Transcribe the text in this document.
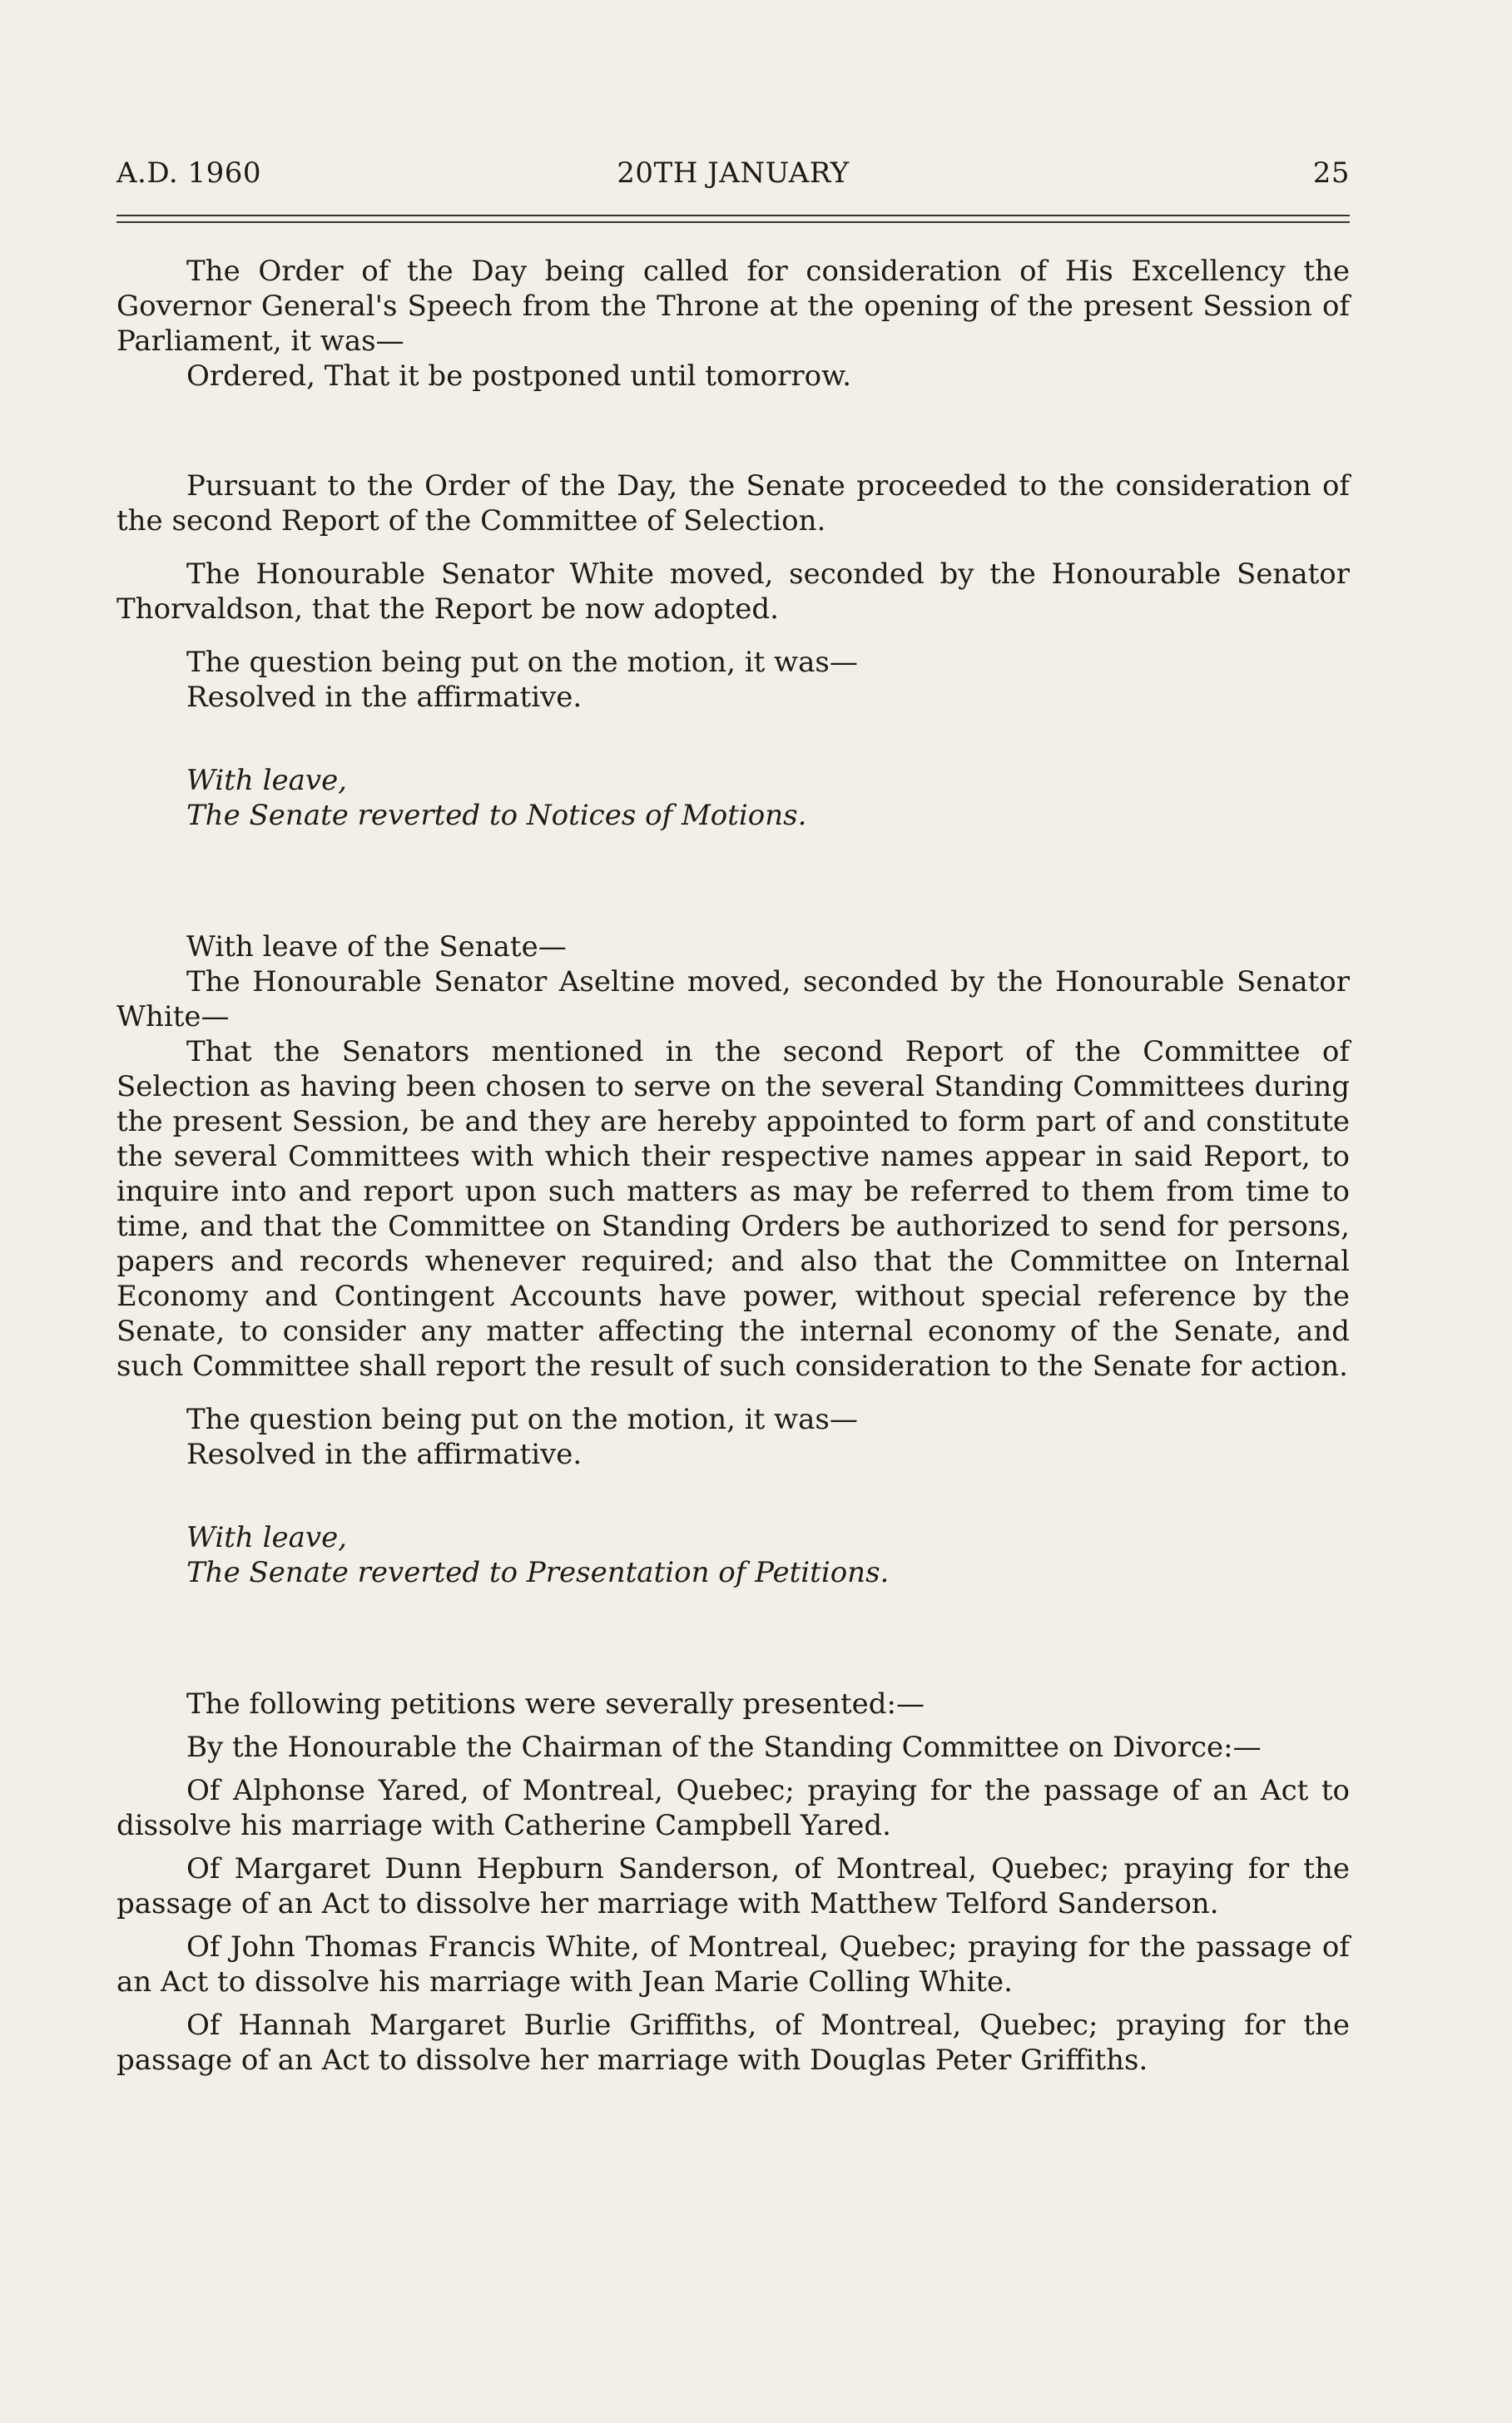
A.D. 1960	20TH JANUARY	25

The Order of the Day being called for consideration of His Excellency the Governor General's Speech from the Throne at the opening of the present Session of Parliament, it was—

Ordered, That it be postponed until tomorrow.

Pursuant to the Order of the Day, the Senate proceeded to the consideration of the second Report of the Committee of Selection.

The Honourable Senator White moved, seconded by the Honourable Senator Thorvaldson, that the Report be now adopted.

The question being put on the motion, it was—

Resolved in the affirmative.

With leave,

The Senate reverted to Notices of Motions.

With leave of the Senate—

The Honourable Senator Aseltine moved, seconded by the Honourable Senator White—

That the Senators mentioned in the second Report of the Committee of Selection as having been chosen to serve on the several Standing Committees during the present Session, be and they are hereby appointed to form part of and constitute the several Committees with which their respective names appear in said Report, to inquire into and report upon such matters as may be referred to them from time to time, and that the Committee on Standing Orders be authorized to send for persons, papers and records whenever required; and also that the Committee on Internal Economy and Contingent Accounts have power, without special reference by the Senate, to consider any matter affecting the internal economy of the Senate, and such Committee shall report the result of such consideration to the Senate for action.

The question being put on the motion, it was—

Resolved in the affirmative.

With leave,

The Senate reverted to Presentation of Petitions.

The following petitions were severally presented:—

By the Honourable the Chairman of the Standing Committee on Divorce:—

Of Alphonse Yared, of Montreal, Quebec; praying for the passage of an Act to dissolve his marriage with Catherine Campbell Yared.

Of Margaret Dunn Hepburn Sanderson, of Montreal, Quebec; praying for the passage of an Act to dissolve her marriage with Matthew Telford Sanderson.

Of John Thomas Francis White, of Montreal, Quebec; praying for the passage of an Act to dissolve his marriage with Jean Marie Colling White.

Of Hannah Margaret Burlie Griffiths, of Montreal, Quebec; praying for the passage of an Act to dissolve her marriage with Douglas Peter Griffiths.
